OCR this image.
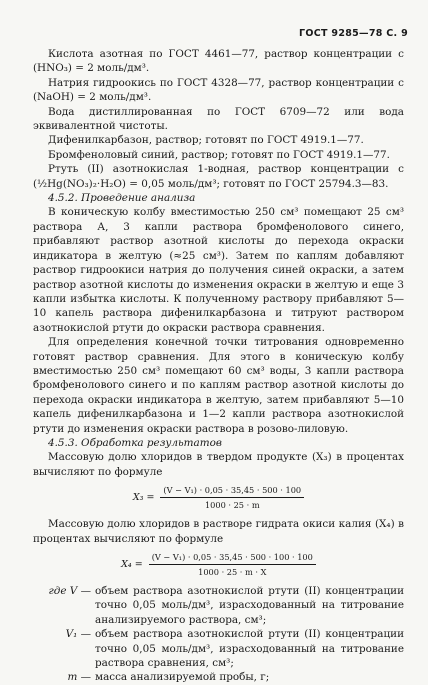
ГОСТ 9285—78 С. 9

Кислота азотная по ГОСТ 4461—77, раствор концентрации с (HNO₃) = 2 моль/дм³.

Натрия гидроокись по ГОСТ 4328—77, раствор концентрации с (NaOH) = 2 моль/дм³.

Вода дистиллированная по ГОСТ 6709—72 или вода эквивалентной чистоты.

Дифенилкарбазон, раствор; готовят по ГОСТ 4919.1—77.

Бромфеноловый синий, раствор; готовят по ГОСТ 4919.1—77.

Ртуть (II) азотнокислая 1-водная, раствор концентрации с (½Hg(NO₃)₂·H₂O) = 0,05 моль/дм³; готовят по ГОСТ 25794.3—83.

4.5.2. Проведение анализа

В коническую колбу вместимостью 250 см³ помещают 25 см³ раствора А, 3 капли раствора бромфенолового синего, прибавляют раствор азотной кислоты до перехода окраски индикатора в желтую (≈25 см³). Затем по каплям добавляют раствор гидроокиси натрия до получения синей окраски, а затем раствор азотной кислоты до изменения окраски в желтую и еще 3 капли избытка кислоты. К полученному раствору прибавляют 5—10 капель раствора дифенилкарбазона и титруют раствором азотнокислой ртути до окраски раствора сравнения.

Для определения конечной точки титрования одновременно готовят раствор сравнения. Для этого в коническую колбу вместимостью 250 см³ помещают 60 см³ воды, 3 капли раствора бромфенолового синего и по каплям раствор азотной кислоты до перехода окраски индикатора в желтую, затем прибавляют 5—10 капель дифенилкарбазона и 1—2 капли раствора азотнокислой ртути до изменения окраски раствора в розово-лиловую.

4.5.3. Обработка результатов

Массовую долю хлоридов в твердом продукте (X₃) в процентах вычисляют по формуле

$X_3 = \frac{\text{(V − V₁) · 0,05 · 35,45 · 500 · 100}}{1000 \cdot 25 \cdot m}$

Массовую долю хлоридов в растворе гидрата окиси калия (X₄) в процентах вычисляют по формуле

$X_4 = \frac{\text{(V − V₁) · 0,05 · 35,45 · 500 · 100 · 100}}{1000 \cdot 25 \cdot m \cdot X}$
где V — объем раствора азотнокислой ртути (II) концентрации точно 0,05 моль/дм³, израсходованный на титрование анализируемого раствора, см³;
V₁ — объем раствора азотнокислой ртути (II) концентрации точно 0,05 моль/дм³, израсходованный на титрование раствора сравнения, см³;
m — масса анализируемой пробы, г;
